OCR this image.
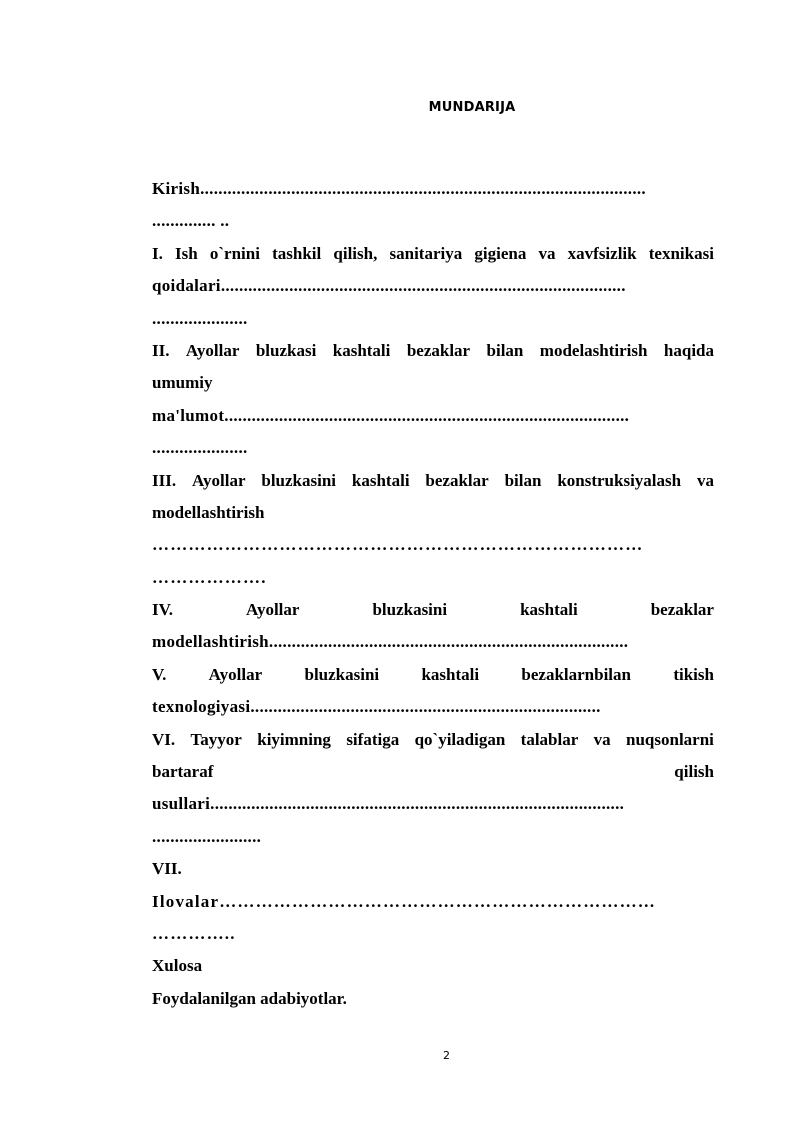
MUNDARIJA
Kirish..................................................................................................
.............. ..
I. Ish o`rnini tashkil qilish, sanitariya gigiena va xavfsizlik texnikasi
qoidalari.........................................................................................
.....................
II. Ayollar bluzkasi kashtali bezaklar bilan modelashtirish haqida
umumiy
ma'lumot.........................................................................................
.....................
III. Ayollar bluzkasini kashtali bezaklar bilan konstruksiyalash va
modellashtirish
………………………………………………………………………
……………….
IV.	Ayollar	bluzkasini	kashtali	bezaklar
modellashtirish...............................................................................
V. Ayollar bluzkasini kashtali bezaklarnbilan tikish
texnologiyasi.............................................................................
VI. Tayyor kiyimning sifatiga qo`yiladigan talablar va nuqsonlarni
bartaraf	qilish
usullari...........................................................................................
........................
VII.
Ilovalar………………………………………………………………
…………..
Xulosa
Foydalanilgan adabiyotlar.
2
